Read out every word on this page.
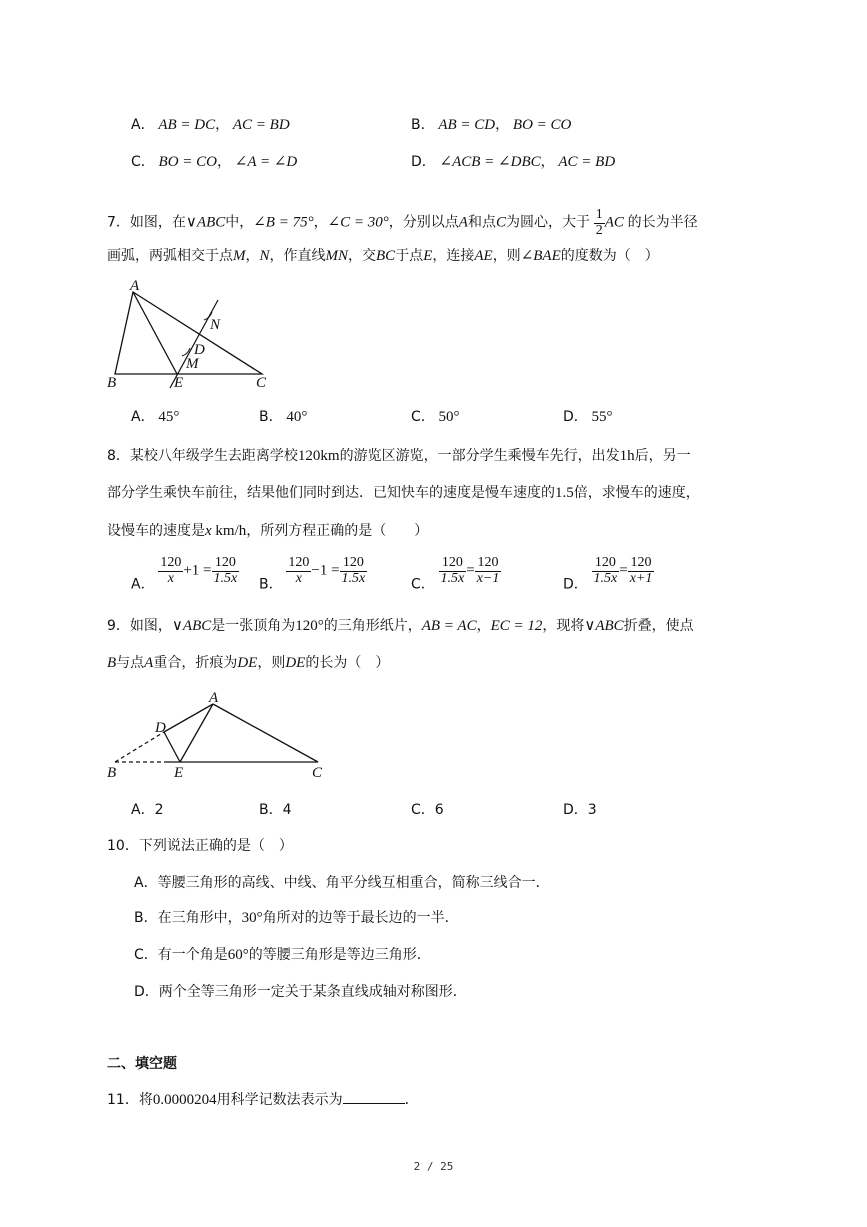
A． AB = DC， AC = BD	B． AB = CD， BO = CO
C． BO = CO， ∠A = ∠D	D． ∠ACB = ∠DBC， AC = BD
7．如图，在∨ABC中，∠B = 75°，∠C = 30°，分别以点A和点C为圆心，大于 $\frac{1}{2}$ AC 的长为半径
画弧，两弧相交于点M，N，作直线MN，交BC于点E，连接AE，则∠BAE的度数为（　）
A
B	C
D
E
M
N
A． 45°	B． 40°	C． 50°	D． 55°
8．某校八年级学生去距离学校120km的游览区游览，一部分学生乘慢车先行，出发1h后，另一
部分学生乘快车前往，结果他们同时到达．已知快车的速度是慢车速度的1.5倍，求慢车的速度，
设慢车的速度是x km/h，所列方程正确的是（　　）
A． $\frac{120}{x} +1 = \frac{120}{1.5x}$ B． $\frac{120}{x} -1 = \frac{120}{1.5x}$	C． $\frac{120}{1.5x} = \frac{120}{x-1}$	D． $\frac{120}{1.5x} = \frac{120}{x+1}$
9．如图，∨ABC是一张顶角为120°的三角形纸片，AB = AC，EC = 12，现将∨ABC折叠，使点
B与点A重合，折痕为DE，则DE的长为（　）
A
B	C
D
E
A．2	B．4	C．6	D．3
10．下列说法正确的是（　）
A．等腰三角形的高线、中线、角平分线互相重合，简称三线合一．
B．在三角形中，30°角所对的边等于最长边的一半．
C．有一个角是60°的等腰三角形是等边三角形．
D．两个全等三角形一定关于某条直线成轴对称图形．
二、填空题
11．将0.0000204用科学记数法表示为	．
2 / 25
